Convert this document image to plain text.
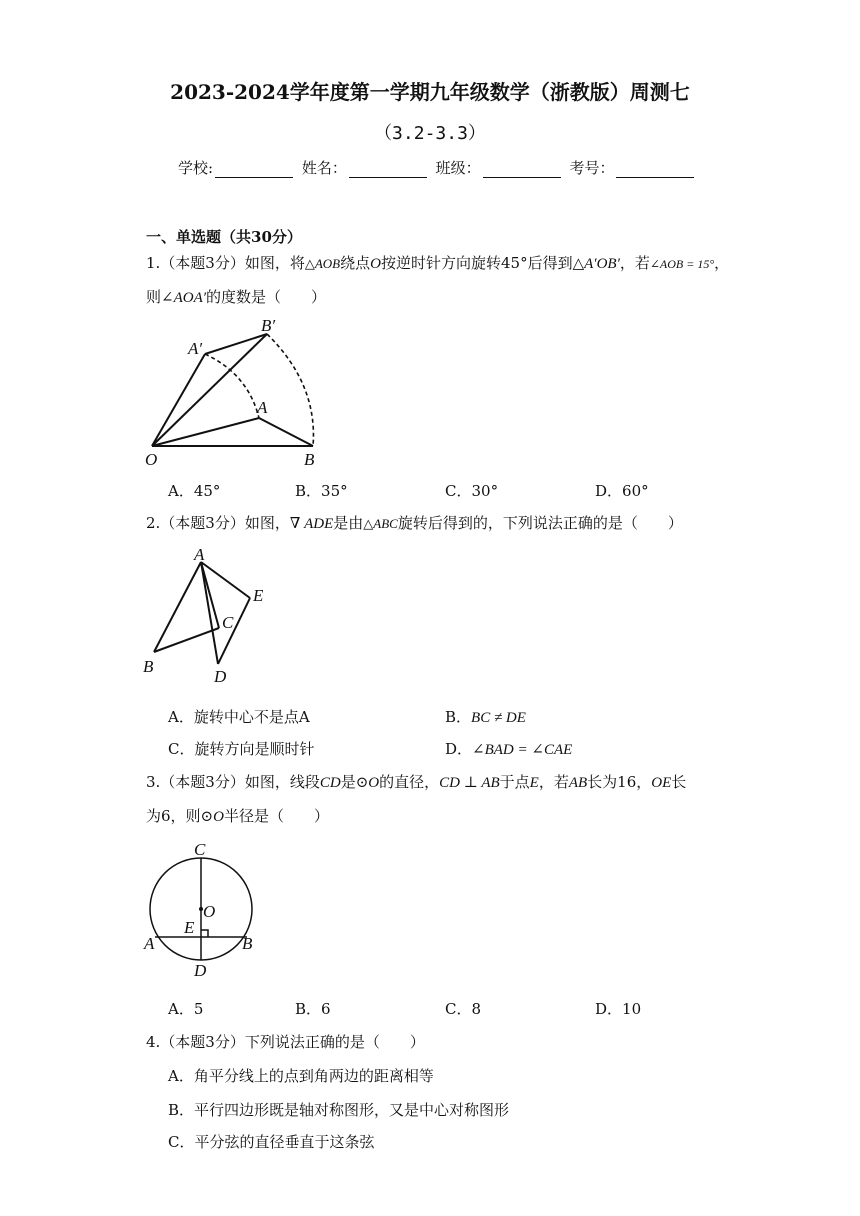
2023-2024学年度第一学期九年级数学（浙教版）周测七
（3.2-3.3）
学校:	姓名：	班级：	考号：
一、单选题（共30分）
1.（本题3分）如图，将△AOB绕点O按逆时针方向旋转45°后得到△A′OB′，若∠AOB = 15°，
则∠AOA′的度数是（　　）
A′
B′
A
O	B
A．45°	B．35°	C．30°	D．60°
2.（本题3分）如图，∇ ADE是由△ABC旋转后得到的，下列说法正确的是（　　）
A
E
C
B
D
A．旋转中心不是点A	B．BC ≠ DE
C．旋转方向是顺时针	D．∠BAD = ∠CAE
3.（本题3分）如图，线段CD是⊙O的直径，CD ⊥ AB于点E，若AB长为16，OE长
为6，则⊙O半径是（　　）
C
O
E
A	B
D
A．5	B．6	C．8	D．10
4.（本题3分）下列说法正确的是（　　）
A．角平分线上的点到角两边的距离相等
B．平行四边形既是轴对称图形，又是中心对称图形
C．平分弦的直径垂直于这条弦
